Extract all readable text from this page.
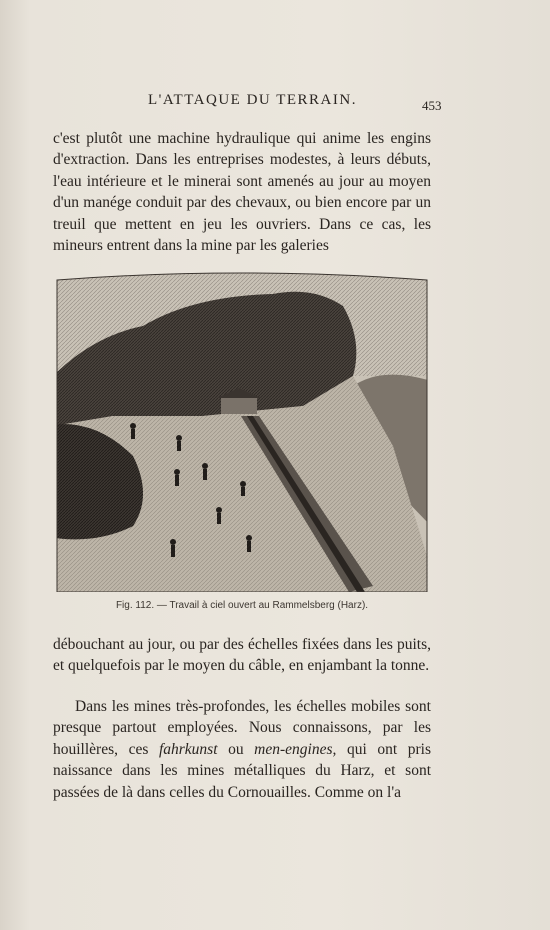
L'ATTAQUE DU TERRAIN.	453

c'est plutôt une machine hydraulique qui anime les engins d'extraction. Dans les entreprises modestes, à leurs débuts, l'eau intérieure et le minerai sont amenés au jour au moyen d'un manége conduit par des chevaux, ou bien encore par un treuil que mettent en jeu les ouvriers. Dans ce cas, les mineurs entrent dans la mine par les galeries

Fig. 112. — Travail à ciel ouvert au Rammelsberg (Harz).

débouchant au jour, ou par des échelles fixées dans les puits, et quelquefois par le moyen du câble, en enjambant la tonne.

Dans les mines très-profondes, les échelles mobiles sont presque partout employées. Nous connaissons, par les houillères, ces fahrkunst ou men-engines, qui ont pris naissance dans les mines métalliques du Harz, et sont passées de là dans celles du Cornouailles. Comme on l'a
